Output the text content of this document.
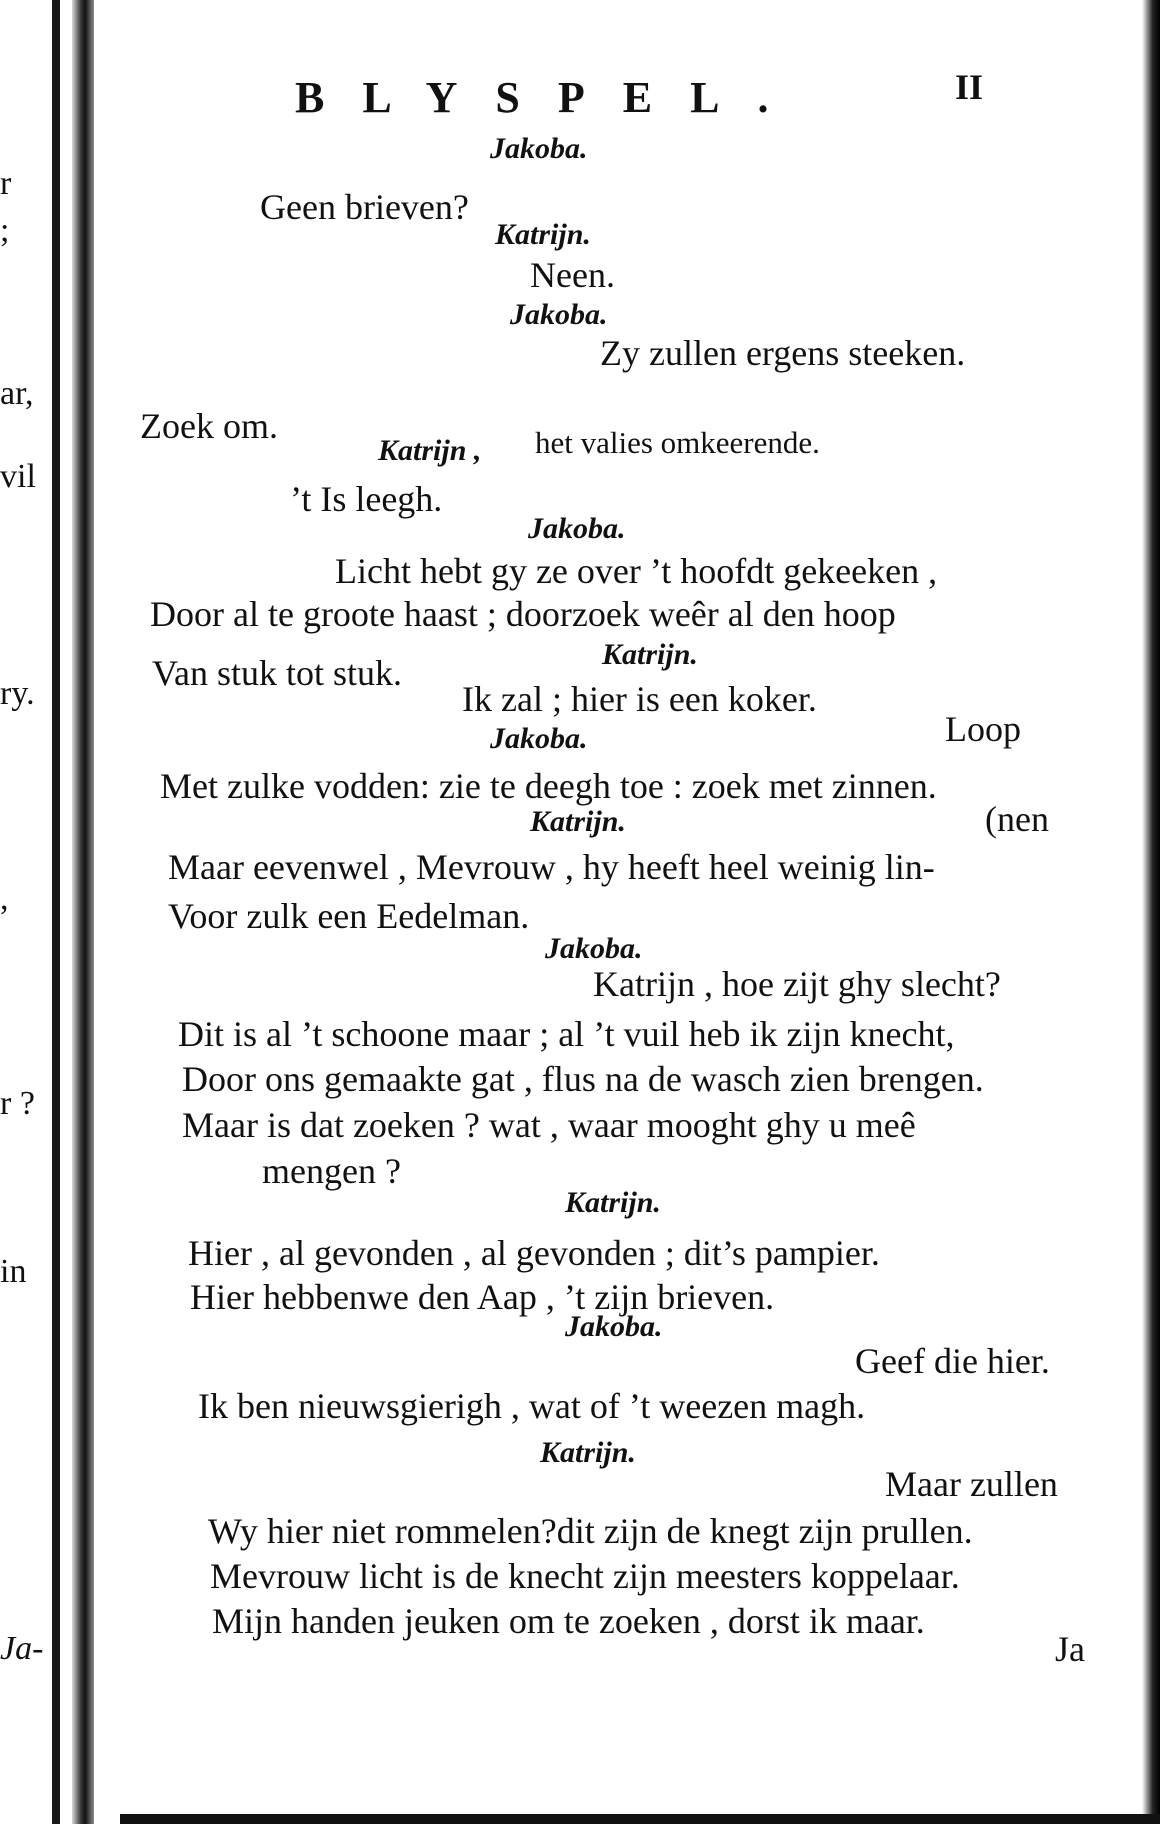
r
;
ar,
vil
ry.
,
r ?
in
Ja-
BLYSPEL.	II
Jakoba.
Geen brieven?
Katrijn.
Neen.
Jakoba.
Zy zullen ergens steeken.
Zoek om.
Katrijn , het valies omkeerende.
’t Is leegh.
Jakoba.
Licht hebt gy ze over ’t hoofdt gekeeken ,
Door al te groote haast ; doorzoek weêr al den hoop
Van stuk tot stuk.	Katrijn.
Ik zal ; hier is een koker.
Jakoba.	Loop
Met zulke vodden: zie te deegh toe : zoek met zinnen.
Katrijn.	(nen
Maar eevenwel , Mevrouw , hy heeft heel weinig lin-
Voor zulk een Eedelman.
Jakoba.
Katrijn , hoe zijt ghy slecht?
Dit is al ’t schoone maar ; al ’t vuil heb ik zijn knecht,
Door ons gemaakte gat , flus na de wasch zien brengen.
Maar is dat zoeken ? wat , waar mooght ghy u meê
mengen ?
Katrijn.
Hier , al gevonden , al gevonden ; dit’s pampier.
Hier hebbenwe den Aap , ’t zijn brieven.
Jakoba.
Geef die hier.
Ik ben nieuwsgierigh , wat of ’t weezen magh.
Katrijn.
Maar zullen
Wy hier niet rommelen?dit zijn de knegt zijn prullen.
Mevrouw licht is de knecht zijn meesters koppelaar.
Mijn handen jeuken om te zoeken , dorst ik maar.
Ja
